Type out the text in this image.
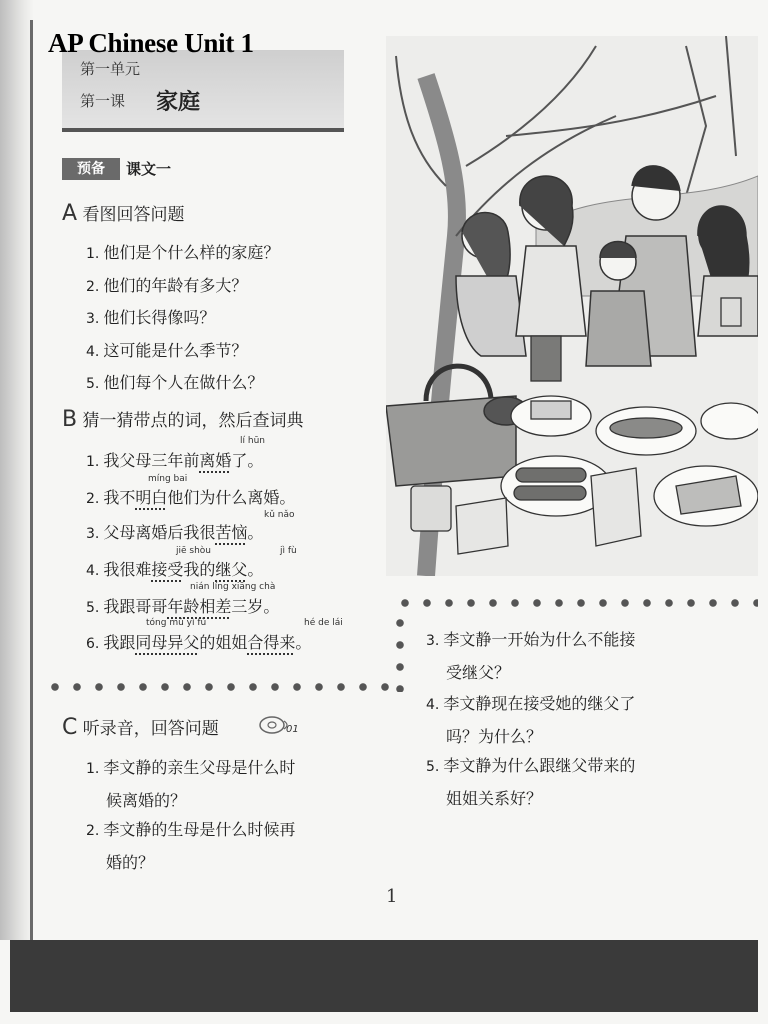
AP Chinese Unit 1
第一单元
第一课 家庭
预备	课文一
A 看图回答问题
1. 他们是个什么样的家庭？
2. 他们的年龄有多大？
3. 他们长得像吗？
4. 这可能是什么季节？
5. 他们每个人在做什么？
B 猜一猜带点的词，然后查词典
lí hūn
1. 我父母三年前离婚了。
míng bai
2. 我不明白他们为什么离婚。
kǔ nǎo
3. 父母离婚后我很苦恼。
jiē shòu	jì fù
4. 我很难接受我的继父。
nián líng xiāng chà
5. 我跟哥哥年龄相差三岁。
tóng mǔ yì fù	hé de lái
6. 我跟同母异父的姐姐合得来。
C 听录音，回答问题	01
1. 李文静的亲生父母是什么时
候离婚的？
2. 李文静的生母是什么时候再
婚的？
3. 李文静一开始为什么不能接
受继父？
4. 李文静现在接受她的继父了
吗？为什么？
5. 李文静为什么跟继父带来的
姐姐关系好？
1
